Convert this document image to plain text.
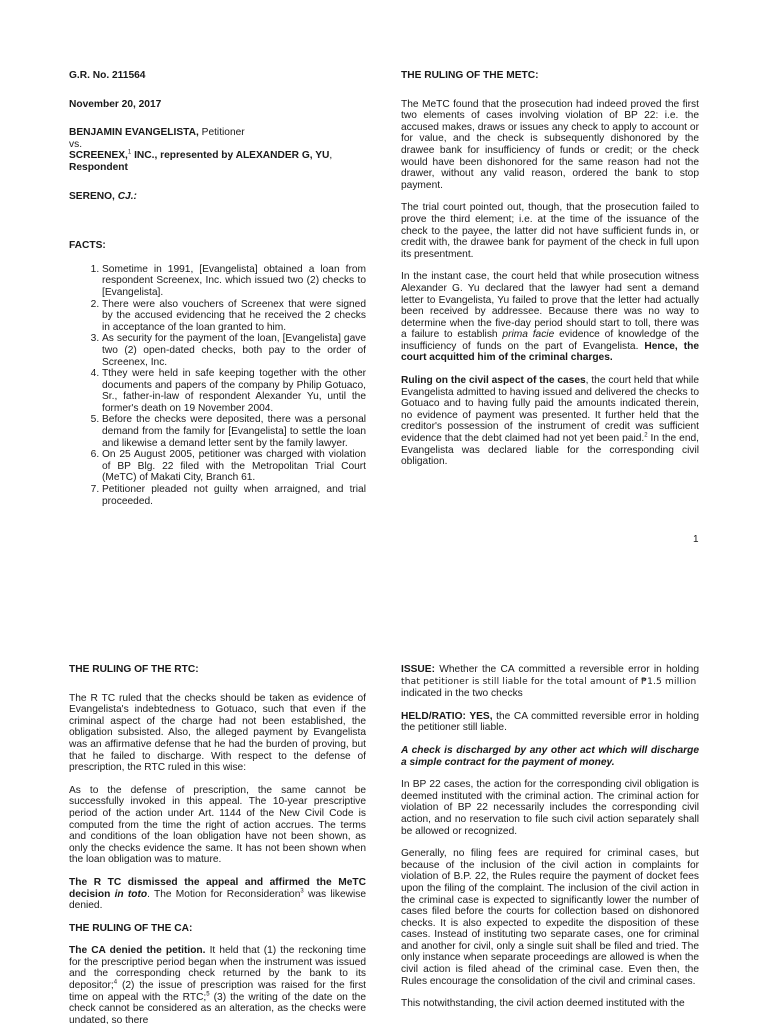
G.R. No. 211564

November 20, 2017

BENJAMIN EVANGELISTA, Petitioner

vs.

SCREENEX,$^1$ INC., represented by ALEXANDER G, YU,

Respondent

SERENO, CJ.:

FACTS:

1. Sometime in 1991, [Evangelista] obtained a loan from respondent Screenex, Inc. which issued two (2) checks to [Evangelista].
2. There were also vouchers of Screenex that were signed by the accused evidencing that he received the 2 checks in acceptance of the loan granted to him.
3. As security for the payment of the loan, [Evangelista] gave two (2) open-dated checks, both pay to the order of Screenex, Inc.
4. Tthey were held in safe keeping together with the other documents and papers of the company by Philip Gotuaco, Sr., father-in-law of respondent Alexander Yu, until the former's death on 19 November 2004.
5. Before the checks were deposited, there was a personal demand from the family for [Evangelista] to settle the loan and likewise a demand letter sent by the family lawyer.
6. On 25 August 2005, petitioner was charged with violation of BP Blg. 22 filed with the Metropolitan Trial Court (MeTC) of Makati City, Branch 61.
7. Petitioner pleaded not guilty when arraigned, and trial proceeded.

THE RULING OF THE METC:

The MeTC found that the prosecution had indeed proved the first two elements of cases involving violation of BP 22: i.e. the accused makes, draws or issues any check to apply to account or for value, and the check is subsequently dishonored by the drawee bank for insufficiency of funds or credit; or the check would have been dishonored for the same reason had not the drawer, without any valid reason, ordered the bank to stop payment.

The trial court pointed out, though, that the prosecution failed to prove the third element; i.e. at the time of the issuance of the check to the payee, the latter did not have sufficient funds in, or credit with, the drawee bank for payment of the check in full upon its presentment.

In the instant case, the court held that while prosecution witness Alexander G. Yu declared that the lawyer had sent a demand letter to Evangelista, Yu failed to prove that the letter had actually been received by addressee. Because there was no way to determine when the five-day period should start to toll, there was a failure to establish prima facie evidence of knowledge of the insufficiency of funds on the part of Evangelista. Hence, the court acquitted him of the criminal charges.

Ruling on the civil aspect of the cases, the court held that while Evangelista admitted to having issued and delivered the checks to Gotuaco and to having fully paid the amounts indicated therein, no evidence of payment was presented. It further held that the creditor's possession of the instrument of credit was sufficient evidence that the debt claimed had not yet been paid.$^2$ In the end, Evangelista was declared liable for the corresponding civil obligation.

1

THE RULING OF THE RTC:

The R TC ruled that the checks should be taken as evidence of Evangelista's indebtedness to Gotuaco, such that even if the criminal aspect of the charge had not been established, the obligation subsisted. Also, the alleged payment by Evangelista was an affirmative defense that he had the burden of proving, but that he failed to discharge. With respect to the defense of prescription, the RTC ruled in this wise:

As to the defense of prescription, the same cannot be successfully invoked in this appeal. The 10-year prescriptive period of the action under Art. 1144 of the New Civil Code is computed from the time the right of action accrues. The terms and conditions of the loan obligation have not been shown, as only the checks evidence the same. It has not been shown when the loan obligation was to mature.

The R TC dismissed the appeal and affirmed the MeTC decision in toto. The Motion for Reconsideration$^3$ was likewise denied.

THE RULING OF THE CA:

The CA denied the petition. It held that (1) the reckoning time for the prescriptive period began when the instrument was issued and the corresponding check returned by the bank to its depositor;$^4$ (2) the issue of prescription was raised for the first time on appeal with the RTC;$^5$ (3) the writing of the date on the check cannot be considered as an alteration, as the checks were undated, so there

ISSUE: Whether the CA committed a reversible error in holding that petitioner is still liable for the total amount of ₱1.5 million
indicated in the two checks

HELD/RATIO: YES, the CA committed reversible error in holding the petitioner still liable.

A check is discharged by any other act which will discharge a simple contract for the payment of money.

In BP 22 cases, the action for the corresponding civil obligation is deemed instituted with the criminal action. The criminal action for violation of BP 22 necessarily includes the corresponding civil action, and no reservation to file such civil action separately shall be allowed or recognized.

Generally, no filing fees are required for criminal cases, but because of the inclusion of the civil action in complaints for violation of B.P. 22, the Rules require the payment of docket fees upon the filing of the complaint. The inclusion of the civil action in the criminal case is expected to significantly lower the number of cases filed before the courts for collection based on dishonored checks. It is also expected to expedite the disposition of these cases. Instead of instituting two separate cases, one for criminal and another for civil, only a single suit shall be filed and tried. The only instance when separate proceedings are allowed is when the civil action is filed ahead of the criminal case. Even then, the Rules encourage the consolidation of the civil and criminal cases.

This notwithstanding, the civil action deemed instituted with the
